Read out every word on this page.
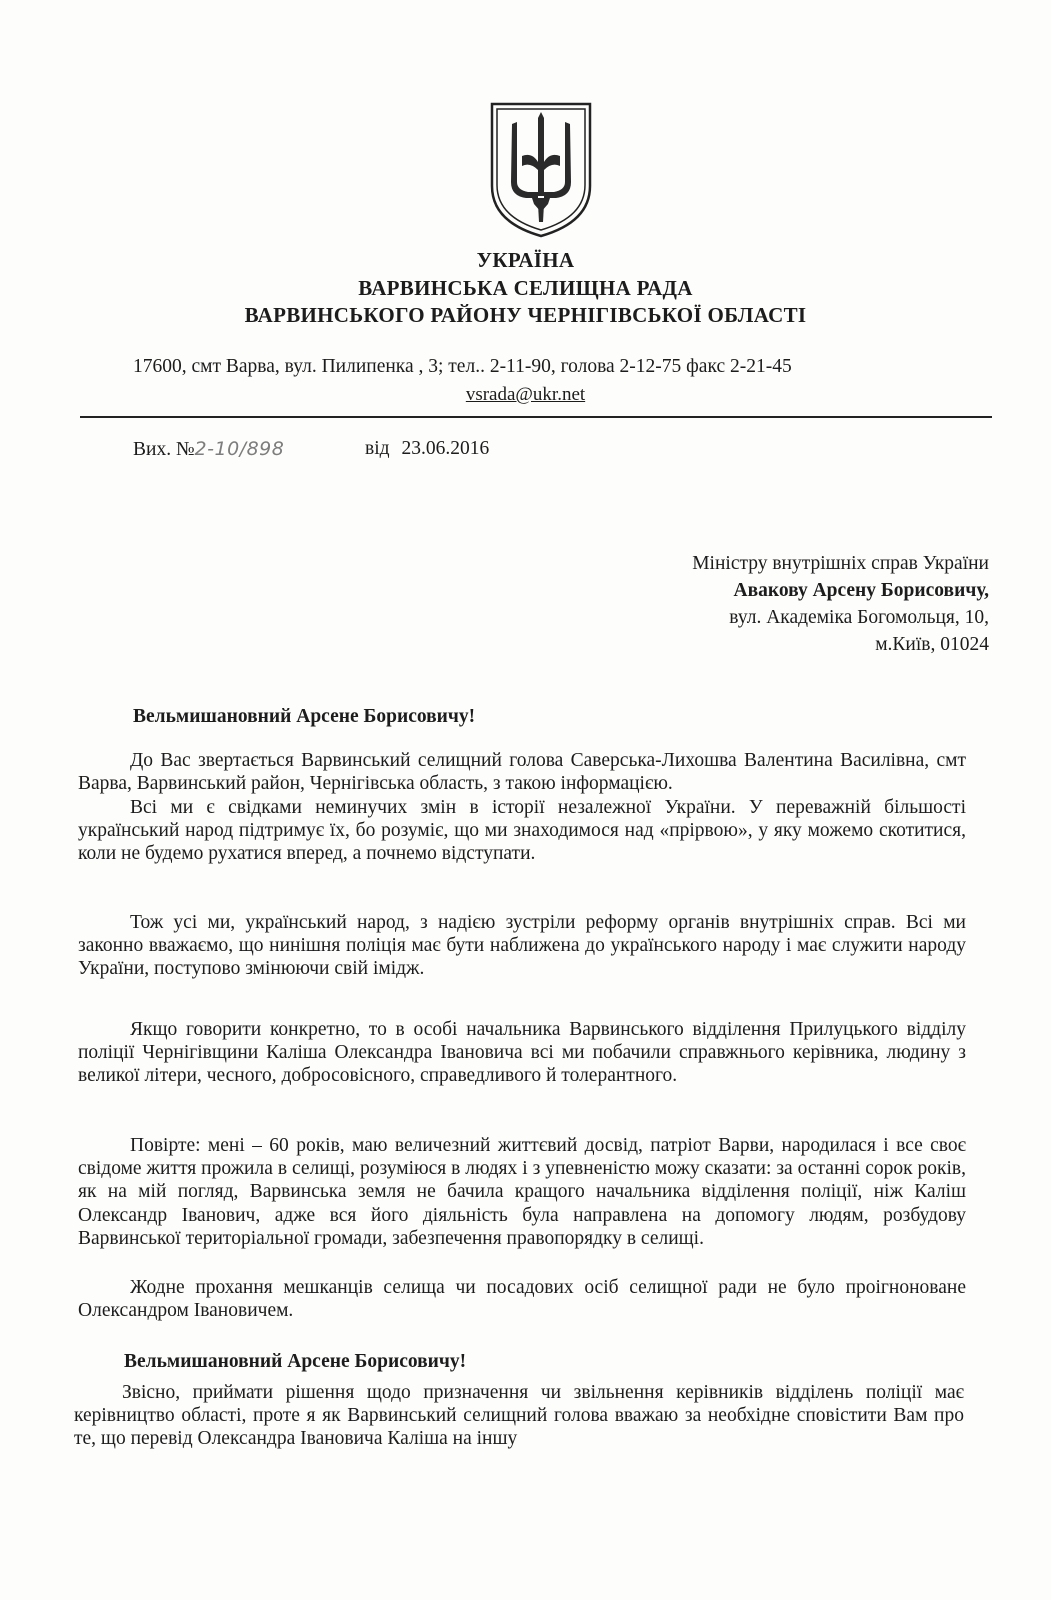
УКРАЇНА
ВАРВИНСЬКА СЕЛИЩНА РАДА
ВАРВИНСЬКОГО РАЙОНУ ЧЕРНІГІВСЬКОЇ ОБЛАСТІ
17600, смт Варва, вул. Пилипенка , 3; тел.. 2-11-90, голова 2-12-75 факс 2-21-45
vsrada@ukr.net
Вих. №2-10/898	від 23.06.2016
Міністру внутрішніх справ України
Авакову Арсену Борисовичу,
вул. Академіка Богомольця, 10,
м.Київ, 01024
Вельмишановний Арсене Борисовичу!
До Вас звертається Варвинський селищний голова Саверська-Лихошва Валентина Василівна, смт Варва, Варвинський район, Чернігівська область, з такою інформацією.
Всі ми є свідками неминучих змін в історії незалежної України. У переважній більшості український народ підтримує їх, бо розуміє, що ми знаходимося над «прірвою», у яку можемо скотитися, коли не будемо рухатися вперед, а почнемо відступати.
Тож усі ми, український народ, з надією зустріли реформу органів внутрішніх справ. Всі ми законно вважаємо, що нинішня поліція має бути наближена до українського народу і має служити народу України, поступово змінюючи свій імідж.
Якщо говорити конкретно, то в особі начальника Варвинського відділення Прилуцького відділу поліції Чернігівщини Каліша Олександра Івановича всі ми побачили справжнього керівника, людину з великої літери, чесного, добросовісного, справедливого й толерантного.
Повірте: мені – 60 років, маю величезний життєвий досвід, патріот Варви, народилася і все своє свідоме життя прожила в селищі, розуміюся в людях і з упевненістю можу сказати: за останні сорок років, як на мій погляд, Варвинська земля не бачила кращого начальника відділення поліції, ніж Каліш Олександр Іванович, адже вся його діяльність була направлена на допомогу людям, розбудову Варвинської територіальної громади, забезпечення правопорядку в селищі.
Жодне прохання мешканців селища чи посадових осіб селищної ради не було проігноноване Олександром Івановичем.
Вельмишановний Арсене Борисовичу!
Звісно, приймати рішення щодо призначення чи звільнення керівників відділень поліції має керівництво області, проте я як Варвинський селищний голова вважаю за необхідне сповістити Вам про те, що перевід Олександра Івановича Каліша на іншу
